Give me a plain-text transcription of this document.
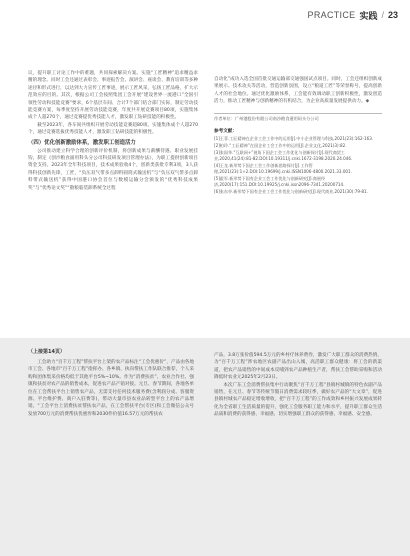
PRACTICE 实践 / 23

议，提升职工讨论工作中的难题，共同探索解决方案。实施“工匠精神”追求精益求精的理念。同时工会还通过表彰会、事迹报告会、演讲会、座谈会、教育培训等多种途径和形式进行，以达到大力宣传工匠事迹，展示工匠风采，弘扬工匠品格，扩大示范效应的目的。其次，根据公司工会按照集团工会开展“建设世界一流港口”全国引领性劳动和技能竞赛”要求，6个基层车间、合计7个部门结合部门实际，制定劳动技能竞赛方案，每季度坚持开展劳动技能竞赛，年度共开展竞赛项目80项，实施集体成个人超270个，通过竞赛提优秀技能人才，激发职工钻研技能的积极性。

截至2023年，各车间共组织开展劳动技能竞赛超80项，实施集体成个人超270个，通过竞赛选拔优秀技能人才，激发职工钻研技能的积极性。

（四）优化创新激励体系，激发职工创造活力

公司推动建立科学合理的创新评价机制，将创新成果与薪酬待遇、职业发展挂钩，制定《创沙粮食涌用科头分公司科技研发项目管理办法》，为职工提供创新项目资金支持。2023年全年科技项目，技术成果验收4个，创新类获批专利3项，3人获得科技创新先锋，工匠，“负压双气带多点卸料圆筒式输送机”与“负压双气带多点卸料带式输送机”获得中国港口协会首位与数模运输分会颁发的“优秀科技成果奖”与“优秀论文奖”“散粮临装卸系统全过程

自动化”成功入选全国首批交通运输部交通强国试点项目。同时，工会还组织创新成果展示、技术攻关等活动，营造创新氛围，设立“粮道工匠”等荣誉称号，提高创新人才的社会地位。通过优化激励体系，工会能有效调动职工创新积极性，激发创造活力，推动工匠精神与创新精神的有机结合，为企业高质量发展提供动力。◆

作者单位：广州港股份有限公司南沙粮食通用码头分公司
参考文献：
[1]王菲.工匠精神在企业工会工作中的运用[J].中小企业管理与科技,2021(23):162-163.
[2]柏玲.“工匠精神”在国企业工会工作中的运用[J].企业文化,2021(3):82.
[3]张国华.“互联网+”视角下国企工会工作优化与创新探讨[J].现代商贸工业,2020,41(24):81-82.DOI:10.19311/j.cnki.1672-3198.2020.24.046.
[4]王龙.新形势下国企工会工作创新思路探讨[J].工作管理,2021(23):1+2.DOI:10.19699/j.cnki.ISSN1006-4800.2021.33.001.
[5]霍军.新形势下国有企业工会工作优化与创新研究[J].商展经济,2020(17):151.DOI:10.19925/j.cnki.issn2096-7341.20200714.
[6]张东亭.新形势下国有企业工会工作优化与创新研究[J].现代商业,2021(30):79-81.
（上接第14页）

工会助力“百千万工程”帮扶平台上架的农产品标注“工会优惠价”，产品由各地市工会、各地市“百千万工程”指挥办、各乡镇、执向帮扶工作队联合推荐，个人采购和团体集采价格均低于其他平台5%~10%。作为“消费扶贫”、农业合作社、强镇和扶贫对农产品的销售成本，促进农产品产销对接。元旦、春节期间，各地各单位在工会帮扶平台上销售农产品，无需支付任何技术服务费(含利润分成、客服资源、平台维护费、商户入驻费等)，带动大量市县农业品转型平台上的农产品增销，“工会平台上消费扶贫帮扶农产品，在工会帮扶平台(专区)和工会微信公众号发放700万元的消费帮扶优惠券和2030件价值16.57万元的帮扶农

产品，3.8万张价值594.5万元的乡村疗休养费券，激发广大职工群众的消费热情，为“百千万工程”涉农地区农副产品出山入城，高活职工群众健康：将工会的新渠道，把农产品销售的中间成本反哺到农产品种植生产者，帮扶工会帮助采购和活动降低时农业元2025年2月23日。

本次广东工会消费帮扶集中行动聚焦“百千万工程”县镇村城镇的特色农副产品销售，在元旦、春节等传统节假日消费需求较旺季，做好农产品的“大文章”，促进县镇村城农产品稳定增收增收，把“百千万工程”的工作成效和乡村振兴发展成果转化为全省职工生活质量的提升，强化工会服务职工能力和水平，提升职工群众生活品质和消费的获得感、幸福感，切实增强职工群众的获得感、幸福感、安全感。
